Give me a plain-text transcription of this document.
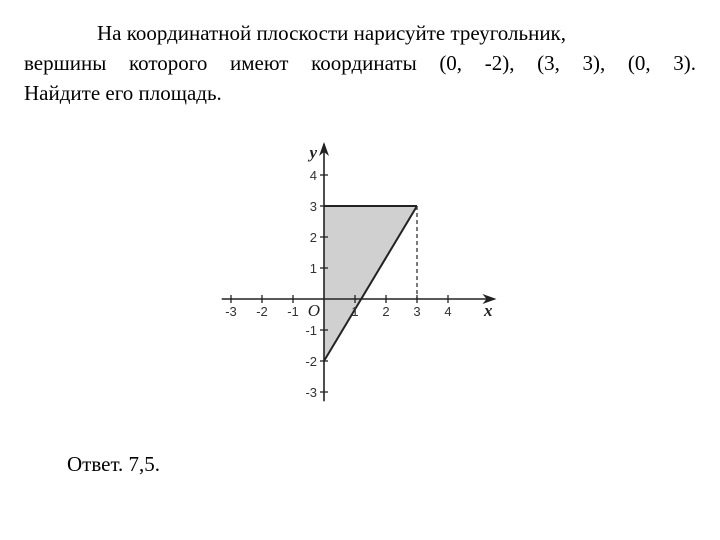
На координатной плоскости нарисуйте треугольник,
вершины которого имеют координаты (0, -2), (3, 3), (0, 3).
Найдите его площадь.
-3 -2 -1	1 2 3 4
4
3
2
1
-1
-2
-3
x
y
O
Ответ. 7,5.
